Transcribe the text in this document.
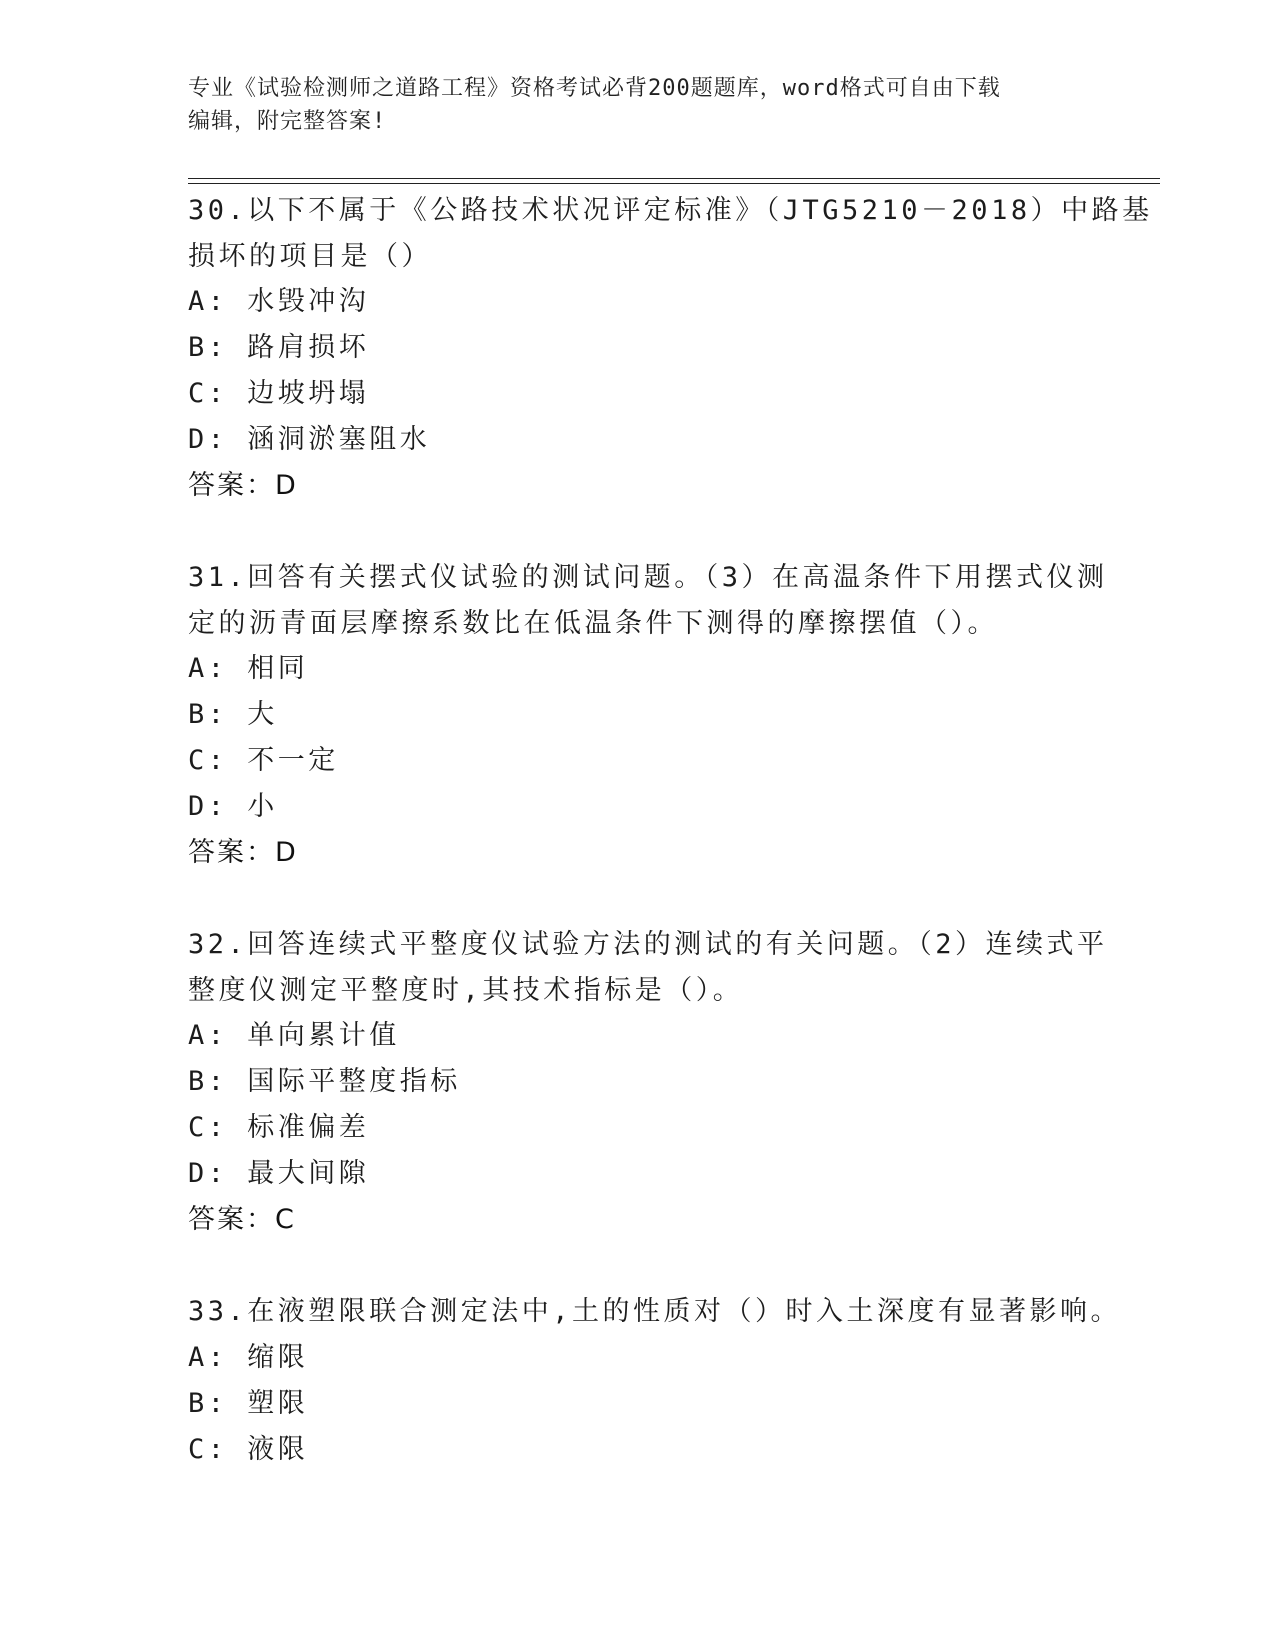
专业《试验检测师之道路工程》资格考试必背200题题库，word格式可自由下载
编辑，附完整答案!
30.以下不属于《公路技术状况评定标准》（JTG5210－2018）中路基
损坏的项目是（）
A: 水毁冲沟
B: 路肩损坏
C: 边坡坍塌
D: 涵洞淤塞阻水
答案：D
31.回答有关摆式仪试验的测试问题。（3）在高温条件下用摆式仪测
定的沥青面层摩擦系数比在低温条件下测得的摩擦摆值（）。
A: 相同
B: 大
C: 不一定
D: 小
答案：D
32.回答连续式平整度仪试验方法的测试的有关问题。（2）连续式平
整度仪测定平整度时,其技术指标是（）。
A: 单向累计值
B: 国际平整度指标
C: 标准偏差
D: 最大间隙
答案：C
33.在液塑限联合测定法中,土的性质对（）时入土深度有显著影响。
A: 缩限
B: 塑限
C: 液限
